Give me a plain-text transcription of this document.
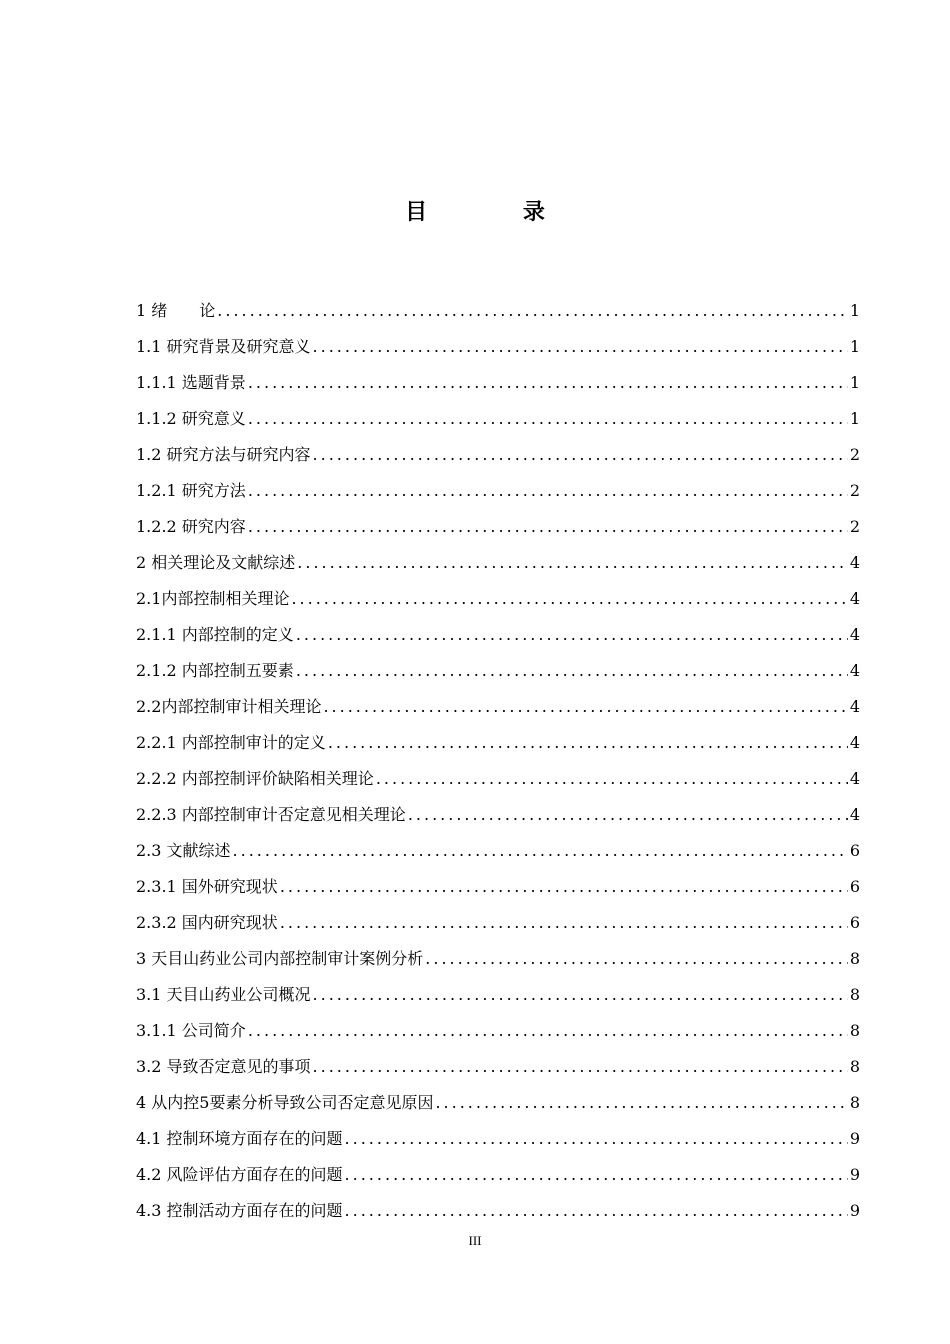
目 录
1 绪　　论 .....	1
1.1 研究背景及研究意义 .....	1
1.1.1 选题背景 .....	1
1.1.2 研究意义 .....	1
1.2 研究方法与研究内容 .....	2
1.2.1 研究方法 .....	2
1.2.2 研究内容 .....	2
2 相关理论及文献综述 .....	4
2.1内部控制相关理论 .....	4
2.1.1 内部控制的定义 .....	4
2.1.2 内部控制五要素 .....	4
2.2内部控制审计相关理论 .....	4
2.2.1 内部控制审计的定义 .....	4
2.2.2 内部控制评价缺陷相关理论 .....	4
2.2.3 内部控制审计否定意见相关理论 .....	4
2.3 文献综述 .....	6
2.3.1 国外研究现状 .....	6
2.3.2 国内研究现状 .....	6
3 天目山药业公司内部控制审计案例分析 .....	8
3.1 天目山药业公司概况 .....	8
3.1.1 公司简介 .....	8
3.2 导致否定意见的事项 .....	8
4 从内控5要素分析导致公司否定意见原因 .....	8
4.1 控制环境方面存在的问题 .....	9
4.2 风险评估方面存在的问题 .....	9
4.3 控制活动方面存在的问题 .....	9
III
